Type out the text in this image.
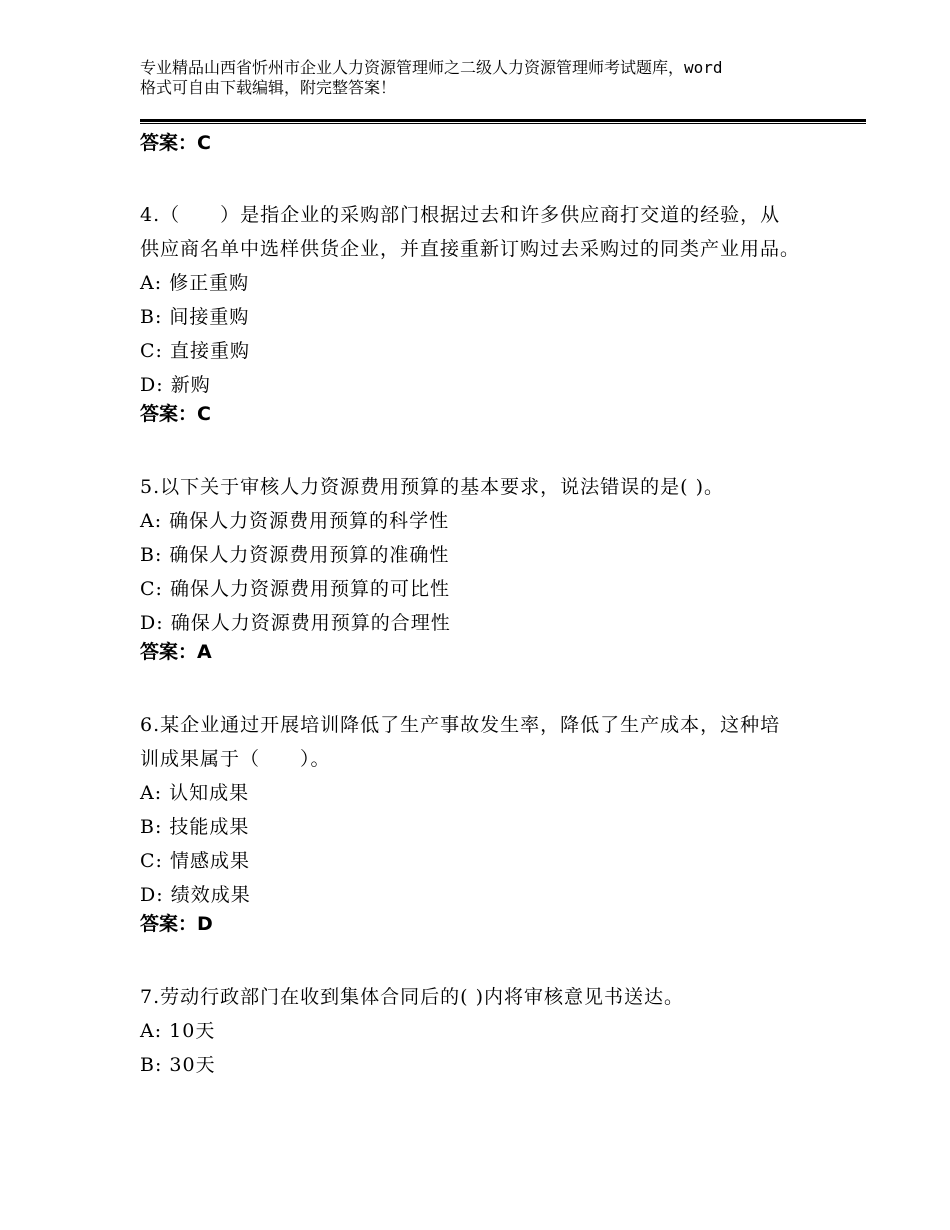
专业精品山西省忻州市企业人力资源管理师之二级人力资源管理师考试题库，word
格式可自由下载编辑，附完整答案！
答案：C

4.（　　）是指企业的采购部门根据过去和许多供应商打交道的经验，从供应商名单中选样供货企业，并直接重新订购过去采购过的同类产业用品。

A: 修正重购
B: 间接重购
C: 直接重购
D: 新购
答案：C

5.以下关于审核人力资源费用预算的基本要求，说法错误的是( )。

A: 确保人力资源费用预算的科学性
B: 确保人力资源费用预算的准确性
C: 确保人力资源费用预算的可比性
D: 确保人力资源费用预算的合理性
答案：A

6.某企业通过开展培训降低了生产事故发生率，降低了生产成本，这种培训成果属于（　　）。

A: 认知成果
B: 技能成果
C: 情感成果
D: 绩效成果
答案：D

7.劳动行政部门在收到集体合同后的( )内将审核意见书送达。

A: 10天
B: 30天
